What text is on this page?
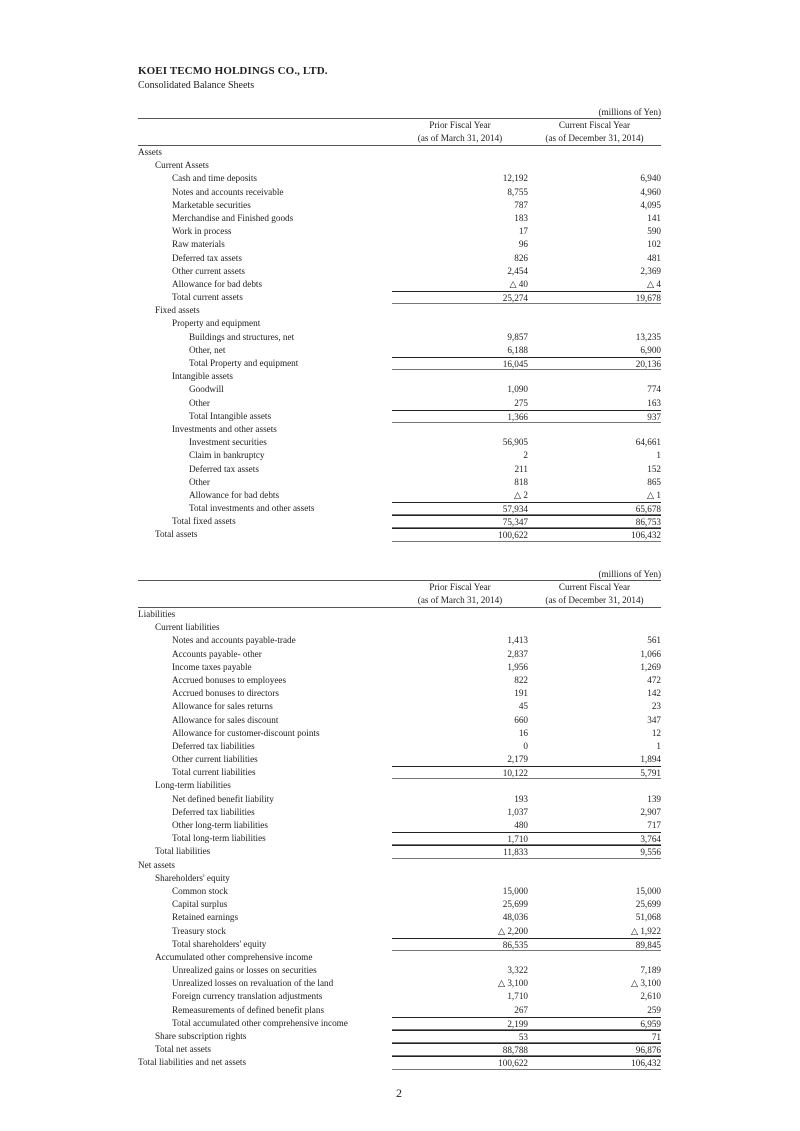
KOEI TECMO HOLDINGS CO., LTD.
Consolidated Balance Sheets
(millions of Yen)
Prior Fiscal Year
(as of March 31, 2014)
Current Fiscal Year
(as of December 31, 2014)
Assets
Current Assets
Cash and time deposits	12,192	6,940
Notes and accounts receivable	8,755	4,960
Marketable securities	787	4,095
Merchandise and Finished goods	183	141
Work in process	17	590
Raw materials	96	102
Deferred tax assets	826	481
Other current assets	2,454	2,369
Allowance for bad debts	△ 40	△ 4
Total current assets	25,274	19,678
Fixed assets
Property and equipment
Buildings and structures, net	9,857	13,235
Other, net	6,188	6,900
Total Property and equipment	16,045	20,136
Intangible assets
Goodwill	1,090	774
Other	275	163
Total Intangible assets	1,366	937
Investments and other assets
Investment securities	56,905	64,661
Claim in bankruptcy	2	1
Deferred tax assets	211	152
Other	818	865
Allowance for bad debts	△ 2	△ 1
Total investments and other assets	57,934	65,678
Total fixed assets	75,347	86,753
Total assets	100,622	106,432
(millions of Yen)
Prior Fiscal Year
(as of March 31, 2014)
Current Fiscal Year
(as of December 31, 2014)
Liabilities
Current liabilities
Notes and accounts payable-trade	1,413	561
Accounts payable- other	2,837	1,066
Income taxes payable	1,956	1,269
Accrued bonuses to employees	822	472
Accrued bonuses to directors	191	142
Allowance for sales returns	45	23
Allowance for sales discount	660	347
Allowance for customer-discount points	16	12
Deferred tax liabilities	0	1
Other current liabilities	2,179	1,894
Total current liabilities	10,122	5,791
Long-term liabilities
Net defined benefit liability	193	139
Deferred tax liabilities	1,037	2,907
Other long-term liabilities	480	717
Total long-term liabilities	1,710	3,764
Total liabilities	11,833	9,556
Net assets
Shareholders' equity
Common stock	15,000	15,000
Capital surplus	25,699	25,699
Retained earnings	48,036	51,068
Treasury stock	△ 2,200	△ 1,922
Total shareholders' equity	86,535	89,845
Accumulated other comprehensive income
Unrealized gains or losses on securities	3,322	7,189
Unrealized losses on revaluation of the land	△ 3,100	△ 3,100
Foreign currency translation adjustments	1,710	2,610
Remeasurements of defined benefit plans	267	259
Total accumulated other comprehensive income	2,199	6,959
Share subscription rights	53	71
Total net assets	88,788	96,876
Total liabilities and net assets	100,622	106,432
2
